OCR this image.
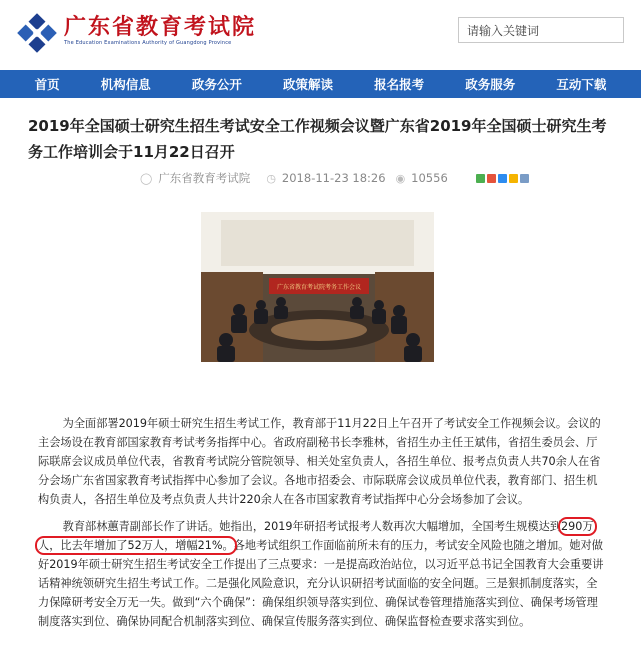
广东省教育考试院
The Education Examinations Authority of Guangdong Province
请输入关键词
首页	机构信息	政务公开	政策解读	报名报考	政务服务	互动下载
2019年全国硕士研究生招生考试安全工作视频会议暨广东省2019年全国硕士研究生考务工作培训会于11月22日召开
◯ 广东省教育考试院 ◷ 2018-11-23 18:26 ◉ 10556
广东省教育考试院考务工作会议

为全面部署2019年硕士研究生招生考试工作，教育部于11月22日上午召开了考试安全工作视频会议。会议的主会场设在教育部国家教育考试考务指挥中心。省政府副秘书长李雅林，省招生办主任王斌伟，省招生委员会、厅际联席会议成员单位代表，省教育考试院分管院领导、相关处室负责人，各招生单位、报考点负责人共70余人在省分会场广东省国家教育考试指挥中心参加了会议。各地市招委会、市际联席会议成员单位代表，教育部门、招生机构负责人，各招生单位及考点负责人共计220余人在各市国家教育考试指挥中心分会场参加了会议。

教育部林蕙青副部长作了讲话。她指出，2019年研招考试报考人数再次大幅增加，全国考生规模达到290万人，比去年增加了52万人，增幅21%。各地考试组织工作面临前所未有的压力，考试安全风险也随之增加。她对做好2019年硕士研究生招生考试安全工作提出了三点要求：一是提高政治站位，以习近平总书记全国教育大会重要讲话精神统领研究生招生考试工作。二是强化风险意识，充分认识研招考试面临的安全问题。三是狠抓制度落实，全力保障研考安全万无一失。做到“六个确保”：确保组织领导落实到位、确保试卷管理措施落实到位、确保考场管理制度落实到位、确保协同配合机制落实到位、确保宣传服务落实到位、确保监督检查要求落实到位。
